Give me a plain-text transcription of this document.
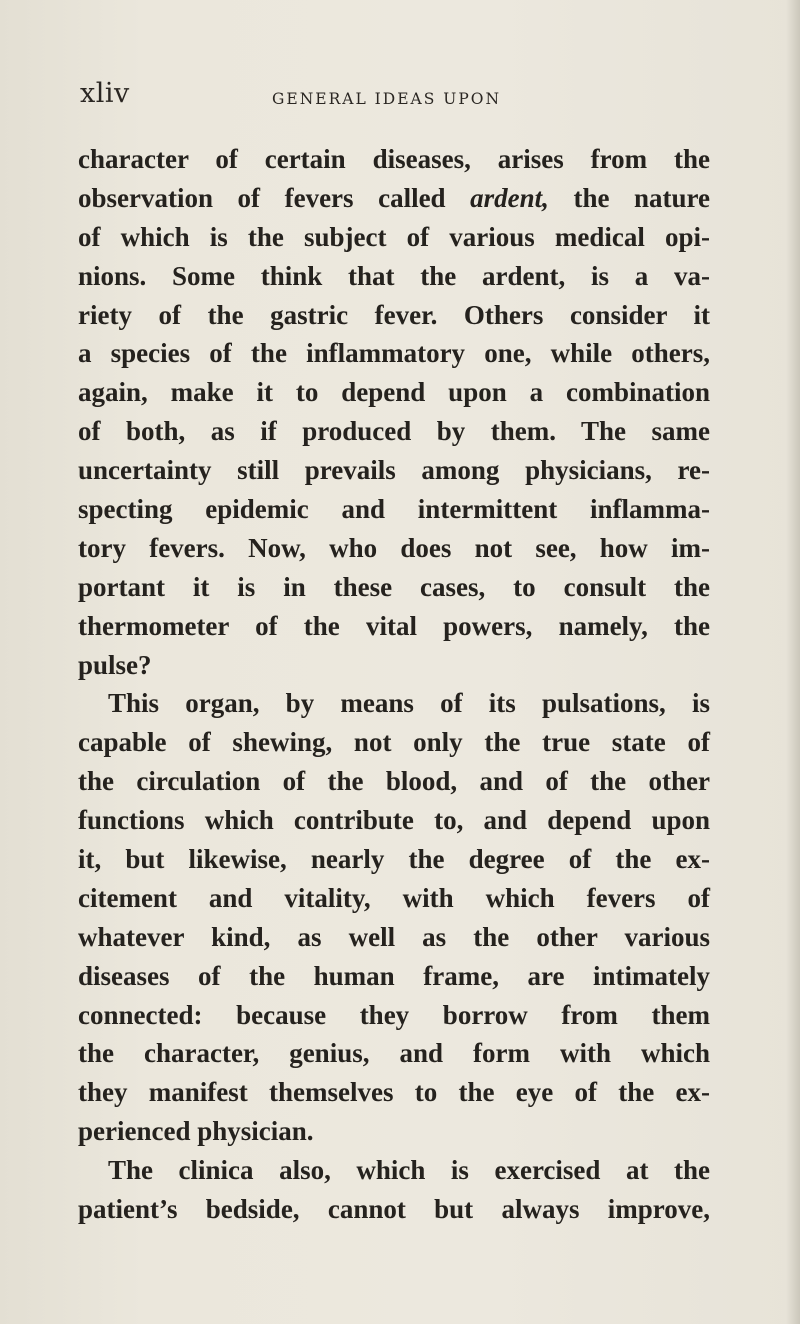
xliv	GENERAL IDEAS UPON
character of certain diseases, arises from the
observation of fevers called ardent, the nature
of which is the subject of various medical opi-
nions. Some think that the ardent, is a va-
riety of the gastric fever. Others consider it
a species of the inflammatory one, while others,
again, make it to depend upon a combination
of both, as if produced by them. The same
uncertainty still prevails among physicians, re-
specting epidemic and intermittent inflamma-
tory fevers. Now, who does not see, how im-
portant it is in these cases, to consult the
thermometer of the vital powers, namely, the
pulse?
This organ, by means of its pulsations, is
capable of shewing, not only the true state of
the circulation of the blood, and of the other
functions which contribute to, and depend upon
it, but likewise, nearly the degree of the ex-
citement and vitality, with which fevers of
whatever kind, as well as the other various
diseases of the human frame, are intimately
connected: because they borrow from them
the character, genius, and form with which
they manifest themselves to the eye of the ex-
perienced physician.
The clinica also, which is exercised at the
patient’s bedside, cannot but always improve,
